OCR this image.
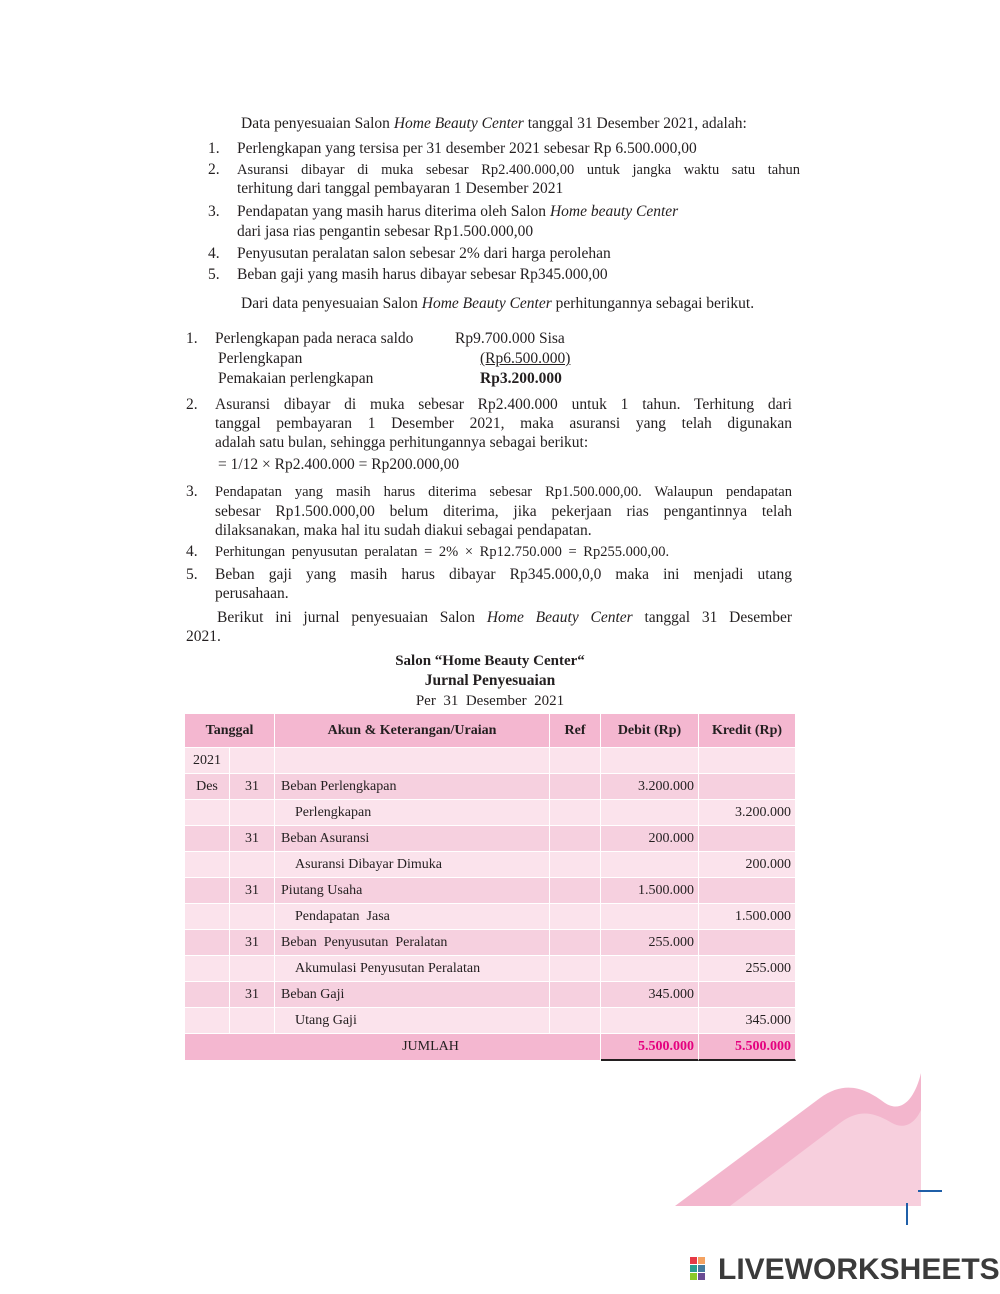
Data penyesuaian Salon Home Beauty Center tanggal 31 Desember 2021, adalah:
1. Perlengkapan yang tersisa per 31 desember 2021 sebesar Rp 6.500.000,00
2. Asuransi dibayar di muka sebesar Rp2.400.000,00 untuk jangka waktu satu tahun
terhitung dari tanggal pembayaran 1 Desember 2021
3. Pendapatan yang masih harus diterima oleh Salon Home beauty Center
dari jasa rias pengantin sebesar Rp1.500.000,00
4. Penyusutan peralatan salon sebesar 2% dari harga perolehan
5. Beban gaji yang masih harus dibayar sebesar Rp345.000,00
Dari data penyesuaian Salon Home Beauty Center perhitungannya sebagai berikut.
1. Perlengkapan pada neraca saldo	Rp9.700.000 Sisa
Perlengkapan	(Rp6.500.000)
Pemakaian perlengkapan	Rp3.200.000
2. Asuransi dibayar di muka sebesar Rp2.400.000 untuk 1 tahun. Terhitung dari
tanggal pembayaran 1 Desember 2021, maka asuransi yang telah digunakan
adalah satu bulan, sehingga perhitungannya sebagai berikut:
= 1/12 × Rp2.400.000 = Rp200.000,00
3. Pendapatan yang masih harus diterima sebesar Rp1.500.000,00. Walaupun pendapatan
sebesar Rp1.500.000,00 belum diterima, jika pekerjaan rias pengantinnya telah
dilaksanakan, maka hal itu sudah diakui sebagai pendapatan.
4. Perhitungan penyusutan peralatan = 2% × Rp12.750.000 = Rp255.000,00.
5. Beban gaji yang masih harus dibayar Rp345.000,0,0 maka ini menjadi utang
perusahaan.
Berikut ini jurnal penyesuaian Salon Home Beauty Center tanggal 31 Desember
2021.
Salon “Home Beauty Center“
Jurnal Penyesuaian
Per  31  Desember  2021
Tanggal		Akun & Keterangan/Uraian	Ref	Debit (Rp)	Kredit (Rp)
2021					
Des	31	Beban Perlengkapan		3.200.000	
		Perlengkapan			3.200.000
	31	Beban Asuransi		200.000	
		Asuransi Dibayar Dimuka			200.000
	31	Piutang Usaha		1.500.000	
		Pendapatan  Jasa			1.500.000
	31	Beban  Penyusutan  Peralatan		255.000	
		Akumulasi Penyusutan Peralatan			255.000
	31	Beban Gaji		345.000	
		Utang Gaji			345.000
JUMLAH				5.500.000	5.500.000
LIVEWORKSHEETS
